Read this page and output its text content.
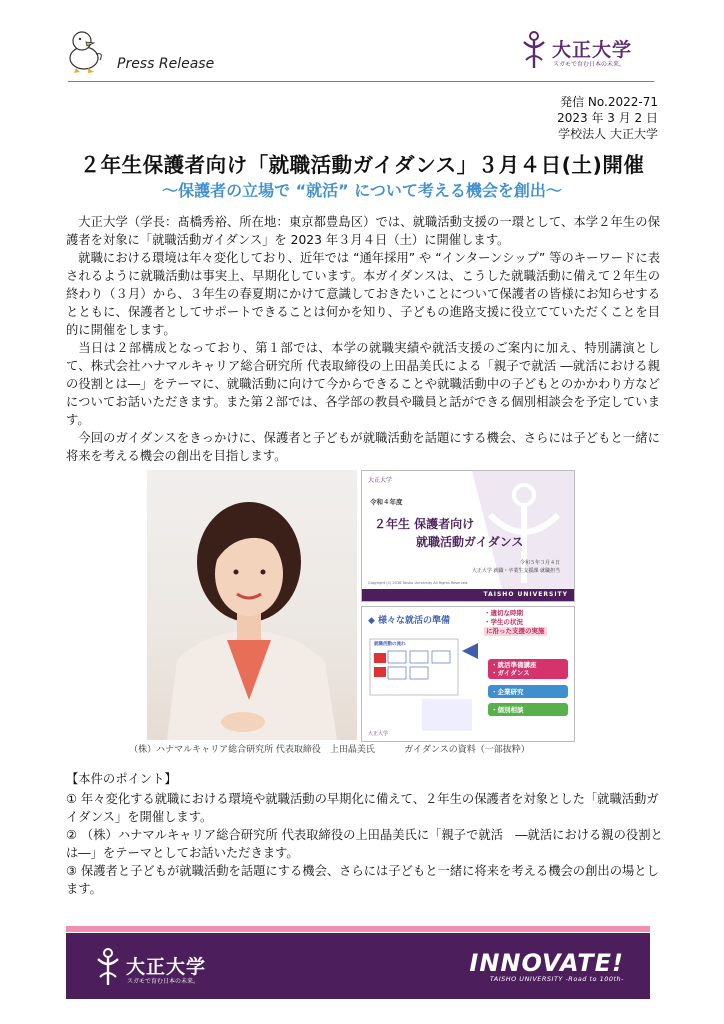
Press Release
大正大学
スガモで育む日本の未来。
発信 No.2022-71
2023 年 3 月 2 日
学校法人 大正大学
２年生保護者向け「就職活動ガイダンス」３月４日(土)開催
〜保護者の立場で “就活” について考える機会を創出〜

大正大学（学長：髙橋秀裕、所在地：東京都豊島区）では、就職活動支援の一環として、本学２年生の保護者を対象に「就職活動ガイダンス」を 2023 年３月４日（土）に開催します。

就職における環境は年々変化しており、近年では “通年採用” や “インターンシップ” 等のキーワードに表されるように就職活動は事実上、早期化しています。本ガイダンスは、こうした就職活動に備えて２年生の終わり（３月）から、３年生の春夏期にかけて意識しておきたいことについて保護者の皆様にお知らせするとともに、保護者としてサポートできることは何かを知り、子どもの進路支援に役立てていただくことを目的に開催をします。

当日は２部構成となっており、第１部では、本学の就職実績や就活支援のご案内に加え、特別講演として、株式会社ハナマルキャリア総合研究所 代表取締役の上田晶美氏による「親子で就活 ―就活における親の役割とは―」をテーマに、就職活動に向けて今からできることや就職活動中の子どもとのかかわり方などについてお話いただきます。また第２部では、各学部の教員や職員と話ができる個別相談会を予定しています。

今回のガイダンスをきっかけに、保護者と子どもが就職活動を話題にする機会、さらには子どもと一緒に将来を考える機会の創出を目指します。

（株）ハナマルキャリア総合研究所 代表取締役　上田晶美氏
大正大学
令和４年度
２年生 保護者向け
就職活動ガイダンス
令和５年３月４日
大正大学 就職・卒業生支援課 就職担当
Copyright (C) 2016 Taisho University All Rights Reserved.
TAISHO UNIVERSITY
◆ 様々な就活の準備
・適切な時期
・学生の状況
に沿った支援の実施
就職活動の流れ
・就活準備講座
・ガイダンス
・企業研究
・個別相談
大正大学
ガイダンスの資料（一部抜粋）

【本件のポイント】

① 年々変化する就職における環境や就職活動の早期化に備えて、２年生の保護者を対象とした「就職活動ガイダンス」を開催します。

② （株）ハナマルキャリア総合研究所 代表取締役の上田晶美氏に「親子で就活　―就活における親の役割とは―」をテーマとしてお話いただきます。

③ 保護者と子どもが就職活動を話題にする機会、さらには子どもと一緒に将来を考える機会の創出の場とします。

大正大学
スガモで育む日本の未来。
INNOVATE!
TAISHO UNIVERSITY -Road to 100th-
